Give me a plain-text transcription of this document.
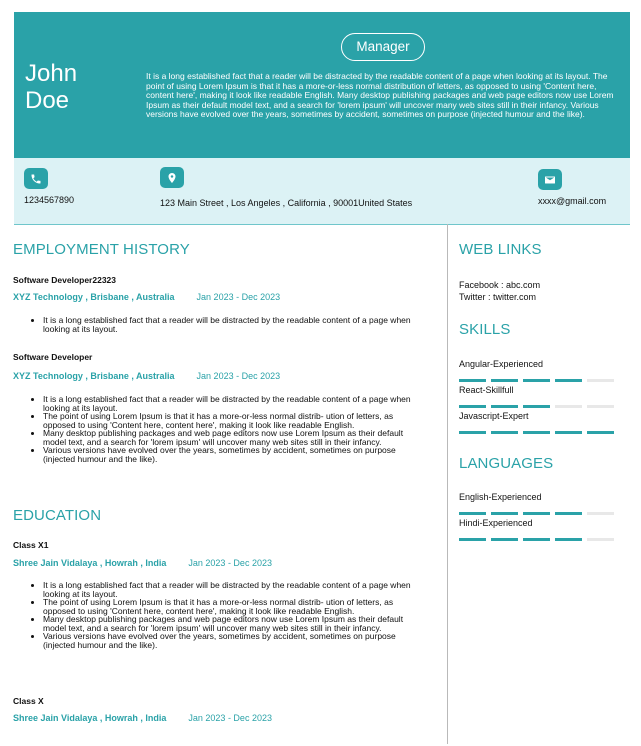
John
Doe
Manager
It is a long established fact that a reader will be distracted by the readable content of a page when looking at its layout. The point of using Lorem Ipsum is that it has a more-or-less normal distribution of letters, as opposed to using 'Content here, content here', making it look like readable English. Many desktop publishing packages and web page editors now use Lorem Ipsum as their default model text, and a search for 'lorem ipsum' will uncover many web sites still in their infancy. Various versions have evolved over the years, sometimes by accident, sometimes on purpose (injected humour and the like).
1234567890	123 Main Street , Los Angeles , California , 90001United States	xxxx@gmail.com
EMPLOYMENT HISTORY
Software Developer22323
XYZ Technology , Brisbane , Australia Jan 2023 - Dec 2023
• It is a long established fact that a reader will be distracted by the readable content of a page when looking at its layout.
Software Developer
XYZ Technology , Brisbane , Australia Jan 2023 - Dec 2023
• It is a long established fact that a reader will be distracted by the readable content of a page when looking at its layout.
• The point of using Lorem Ipsum is that it has a more-or-less normal distrib- ution of letters, as opposed to using 'Content here, content here', making it look like readable English.
• Many desktop publishing packages and web page editors now use Lorem Ipsum as their default model text, and a search for 'lorem ipsum' will uncover many web sites still in their infancy.
• Various versions have evolved over the years, sometimes by accident, sometimes on purpose (injected humour and the like).
EDUCATION
Class X1
Shree Jain Vidalaya , Howrah , India Jan 2023 - Dec 2023
• It is a long established fact that a reader will be distracted by the readable content of a page when looking at its layout.
• The point of using Lorem Ipsum is that it has a more-or-less normal distrib- ution of letters, as opposed to using 'Content here, content here', making it look like readable English.
• Many desktop publishing packages and web page editors now use Lorem Ipsum as their default model text, and a search for 'lorem ipsum' will uncover many web sites still in their infancy.
• Various versions have evolved over the years, sometimes by accident, sometimes on purpose (injected humour and the like).
Class X
Shree Jain Vidalaya , Howrah , India Jan 2023 - Dec 2023
WEB LINKS
Facebook : abc.com
Twitter : twitter.com
SKILLS
Angular-Experienced
React-Skillfull
Javascript-Expert
LANGUAGES
English-Experienced
Hindi-Experienced
